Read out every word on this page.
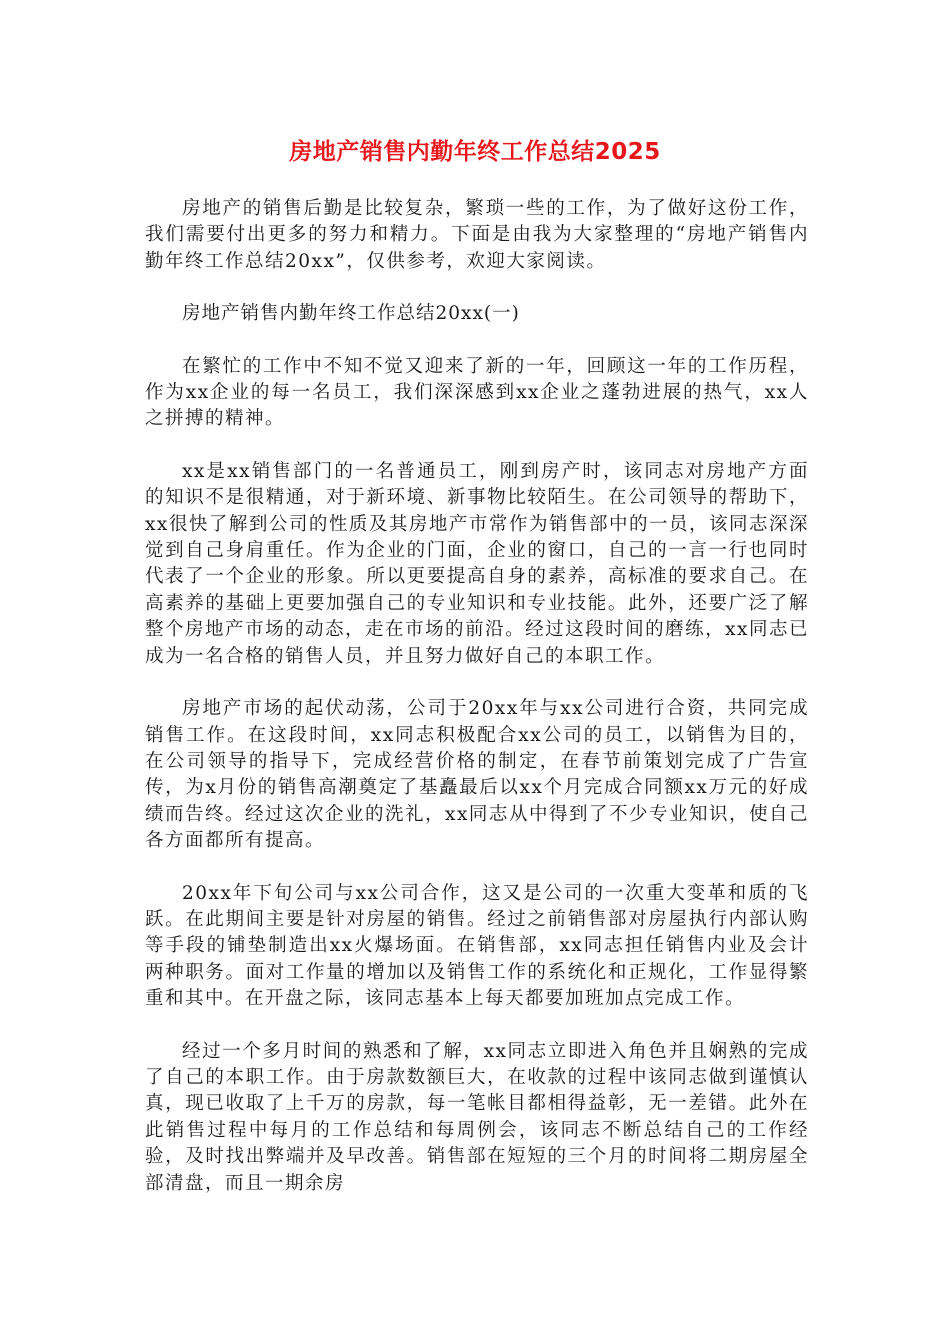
房地产销售内勤年终工作总结2025

房地产的销售后勤是比较复杂，繁琐一些的工作，为了做好这份工作，我们需要付出更多的努力和精力。下面是由我为大家整理的“房地产销售内勤年终工作总结20xx”，仅供参考，欢迎大家阅读。

房地产销售内勤年终工作总结20xx(一)

在繁忙的工作中不知不觉又迎来了新的一年，回顾这一年的工作历程，作为xx企业的每一名员工，我们深深感到xx企业之蓬勃进展的热气，xx人之拼搏的精神。

xx是xx销售部门的一名普通员工，刚到房产时，该同志对房地产方面的知识不是很精通，对于新环境、新事物比较陌生。在公司领导的帮助下，xx很快了解到公司的性质及其房地产市常作为销售部中的一员，该同志深深觉到自己身肩重任。作为企业的门面，企业的窗口，自己的一言一行也同时代表了一个企业的形象。所以更要提高自身的素养，高标准的要求自己。在高素养的基础上更要加强自己的专业知识和专业技能。此外，还要广泛了解整个房地产市场的动态，走在市场的前沿。经过这段时间的磨练，xx同志已成为一名合格的销售人员，并且努力做好自己的本职工作。

房地产市场的起伏动荡，公司于20xx年与xx公司进行合资，共同完成销售工作。在这段时间，xx同志积极配合xx公司的员工，以销售为目的，在公司领导的指导下，完成经营价格的制定，在春节前策划完成了广告宣传，为x月份的销售高潮奠定了基矗最后以xx个月完成合同额xx万元的好成绩而告终。经过这次企业的洗礼，xx同志从中得到了不少专业知识，使自己各方面都所有提高。

20xx年下旬公司与xx公司合作，这又是公司的一次重大变革和质的飞跃。在此期间主要是针对房屋的销售。经过之前销售部对房屋执行内部认购等手段的铺垫制造出xx火爆场面。在销售部，xx同志担任销售内业及会计两种职务。面对工作量的增加以及销售工作的系统化和正规化，工作显得繁重和其中。在开盘之际，该同志基本上每天都要加班加点完成工作。

经过一个多月时间的熟悉和了解，xx同志立即进入角色并且娴熟的完成了自己的本职工作。由于房款数额巨大，在收款的过程中该同志做到谨慎认真，现已收取了上千万的房款，每一笔帐目都相得益彰，无一差错。此外在此销售过程中每月的工作总结和每周例会，该同志不断总结自己的工作经验，及时找出弊端并及早改善。销售部在短短的三个月的时间将二期房屋全部清盘，而且一期余房
